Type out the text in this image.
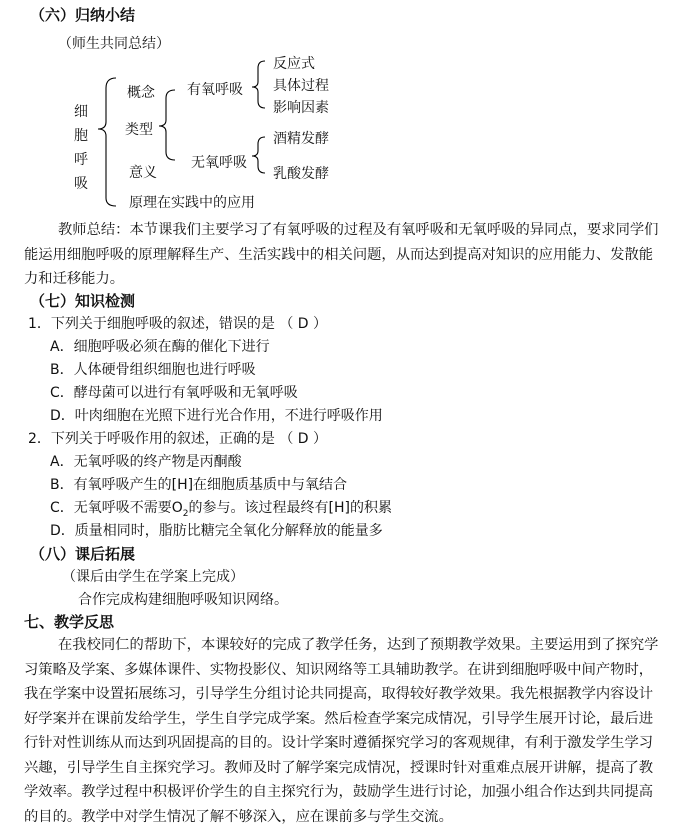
（六）归纳小结
（师生共同总结）
细
胞
呼
吸
概念
类型
意义
原理在实践中的应用
有氧呼吸
无氧呼吸
反应式
具体过程
影响因素
酒精发酵
乳酸发酵
教师总结：本节课我们主要学习了有氧呼吸的过程及有氧呼吸和无氧呼吸的异同点，要求同学们能运用细胞呼吸的原理解释生产、生活实践中的相关问题，从而达到提高对知识的应用能力、发散能力和迁移能力。
（七）知识检测
1．下列关于细胞呼吸的叙述，错误的是 （ D ）
A．细胞呼吸必须在酶的催化下进行
B．人体硬骨组织细胞也进行呼吸
C．酵母菌可以进行有氧呼吸和无氧呼吸
D．叶肉细胞在光照下进行光合作用，不进行呼吸作用
2．下列关于呼吸作用的叙述，正确的是 （ D ）
A．无氧呼吸的终产物是丙酮酸
B．有氧呼吸产生的[H]在细胞质基质中与氧结合
C．无氧呼吸不需要$O_2$的参与。该过程最终有[H]的积累
D．质量相同时，脂肪比糖完全氧化分解释放的能量多
（八）课后拓展
（课后由学生在学案上完成）
合作完成构建细胞呼吸知识网络。
七、教学反思
在我校同仁的帮助下，本课较好的完成了教学任务，达到了预期教学效果。主要运用到了探究学习策略及学案、多媒体课件、实物投影仪、知识网络等工具辅助教学。在讲到细胞呼吸中间产物时，我在学案中设置拓展练习，引导学生分组讨论共同提高，取得较好教学效果。我先根据教学内容设计好学案并在课前发给学生，学生自学完成学案。然后检查学案完成情况，引导学生展开讨论，最后进行针对性训练从而达到巩固提高的目的。设计学案时遵循探究学习的客观规律，有利于激发学生学习兴趣，引导学生自主探究学习。教师及时了解学案完成情况，授课时针对重难点展开讲解，提高了教学效率。教学过程中积极评价学生的自主探究行为，鼓励学生进行讨论，加强小组合作达到共同提高的目的。教学中对学生情况了解不够深入，应在课前多与学生交流。
